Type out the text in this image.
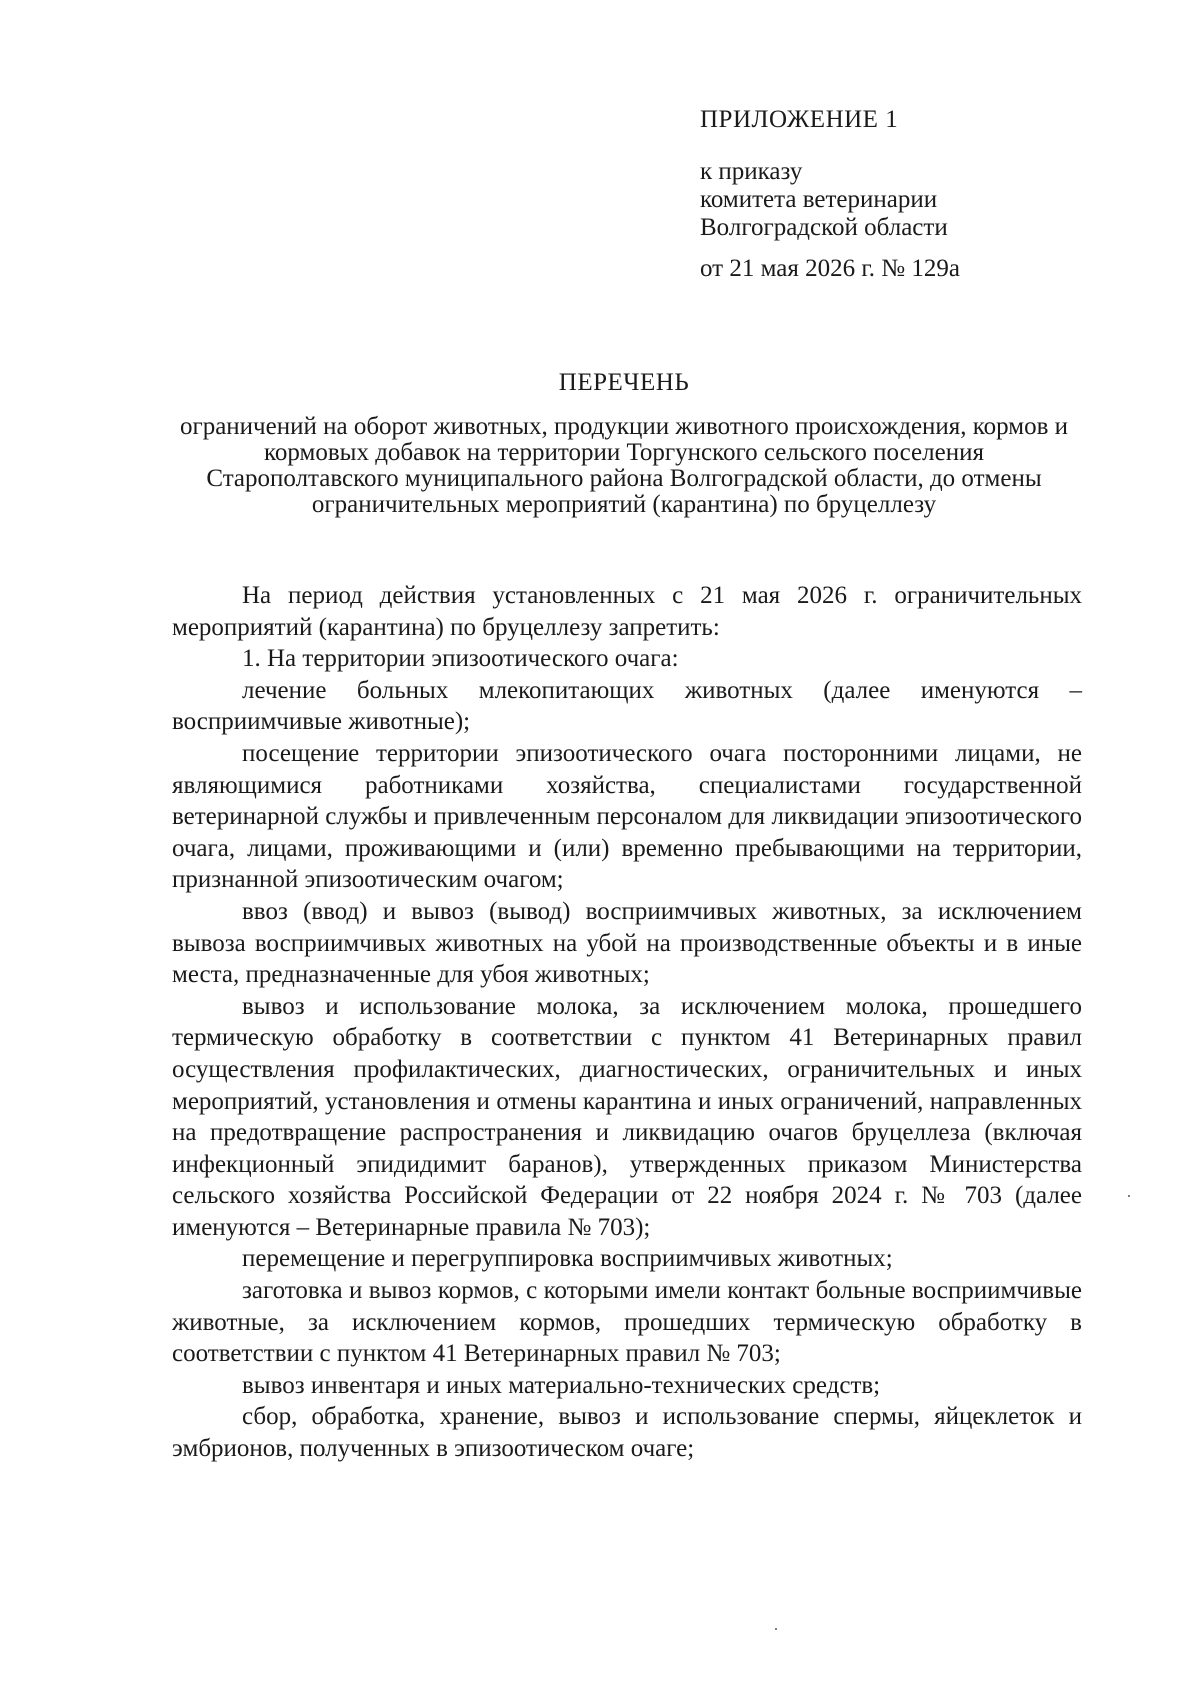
ПРИЛОЖЕНИЕ 1
к приказу
комитета ветеринарии
Волгоградской области
от 21 мая 2026 г. № 129а
ПЕРЕЧЕНЬ
ограничений на оборот животных, продукции животного происхождения, кормов и кормовых добавок на территории Торгунского сельского поселения Старополтавского муниципального района Волгоградской области, до отмены ограничительных мероприятий (карантина) по бруцеллезу

На период действия установленных с 21 мая 2026 г. ограничительных мероприятий (карантина) по бруцеллезу запретить:

1. На территории эпизоотического очага:

лечение больных млекопитающих животных (далее именуются – восприимчивые животные);

посещение территории эпизоотического очага посторонними лицами, не являющимися работниками хозяйства, специалистами государственной ветеринарной службы и привлеченным персоналом для ликвидации эпизоотического очага, лицами, проживающими и (или) временно пребывающими на территории, признанной эпизоотическим очагом;

ввоз (ввод) и вывоз (вывод) восприимчивых животных, за исключением вывоза восприимчивых животных на убой на производственные объекты и в иные места, предназначенные для убоя животных;

вывоз и использование молока, за исключением молока, прошедшего термическую обработку в соответствии с пунктом 41 Ветеринарных правил осуществления профилактических, диагностических, ограничительных и иных мероприятий, установления и отмены карантина и иных ограничений, направленных на предотвращение распространения и ликвидацию очагов бруцеллеза (включая инфекционный эпидидимит баранов), утвержденных приказом Министерства сельского хозяйства Российской Федерации от 22 ноября 2024 г. № 703 (далее именуются – Ветеринарные правила № 703);

перемещение и перегруппировка восприимчивых животных;

заготовка и вывоз кормов, с которыми имели контакт больные восприимчивые животные, за исключением кормов, прошедших термическую обработку в соответствии с пунктом 41 Ветеринарных правил № 703;

вывоз инвентаря и иных материально-технических средств;

сбор, обработка, хранение, вывоз и использование спермы, яйцеклеток и эмбрионов, полученных в эпизоотическом очаге;
